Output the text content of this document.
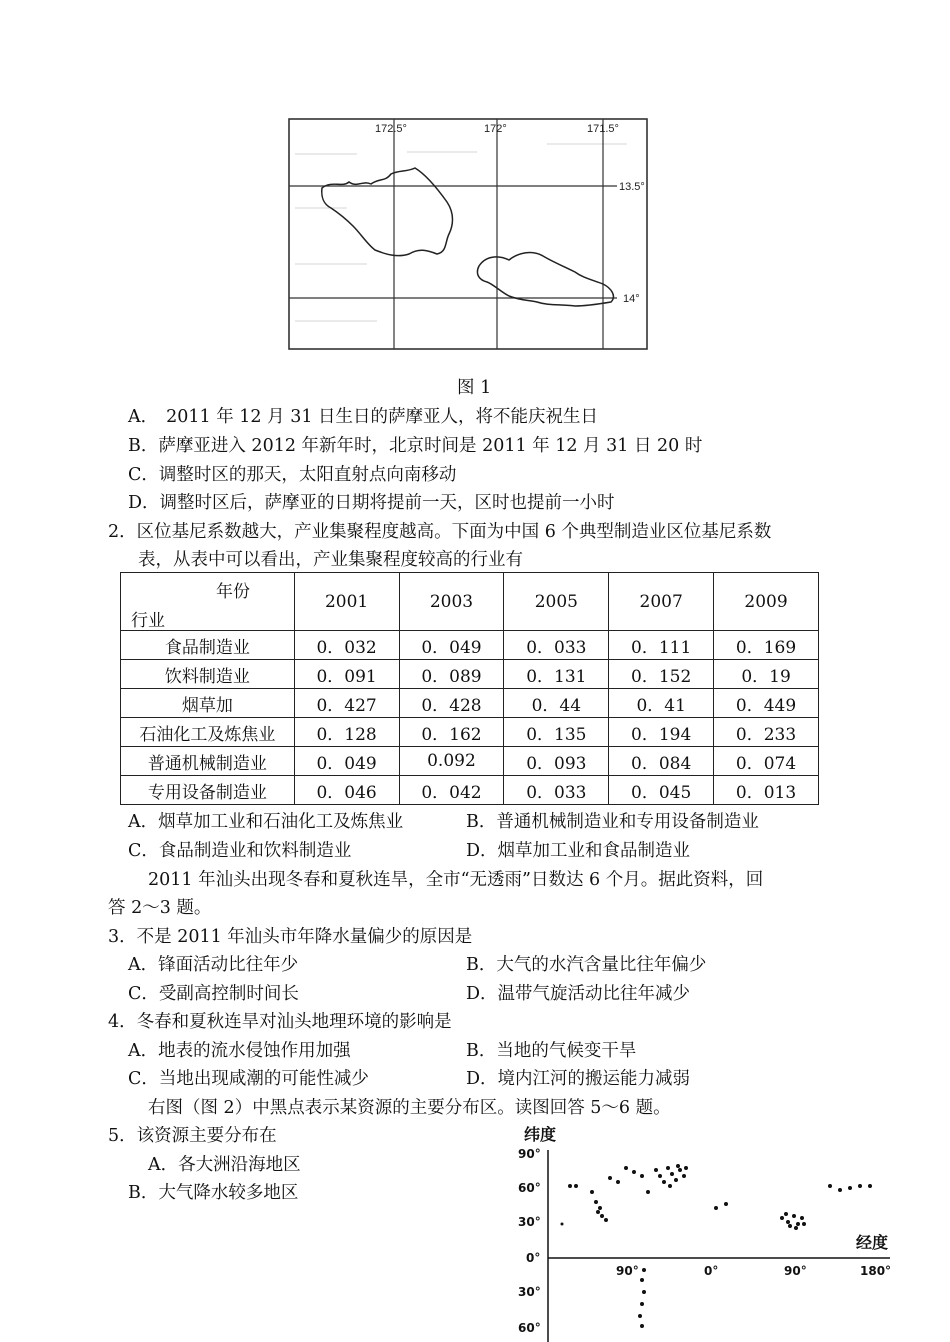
172.5°	172°	171.5°
13.5°
14°
图 1
A． 2011 年 12 月 31 日生日的萨摩亚人，将不能庆祝生日
B．萨摩亚进入 2012 年新年时，北京时间是 2011 年 12 月 31 日 20 时
C．调整时区的那天，太阳直射点向南移动
D．调整时区后，萨摩亚的日期将提前一天，区时也提前一小时
2．区位基尼系数越大，产业集聚程度越高。下面为中国 6 个典型制造业区位基尼系数
表，从表中可以看出，产业集聚程度较高的行业有
年份
行业	2001	2003	2005	2007	2009
食品制造业	0．032	0．049	0．033	0．111	0．169
饮料制造业	0．091	0．089	0．131	0．152	0．19
烟草加	0．427	0．428	0．44	0．41	0．449
石油化工及炼焦业	0．128	0．162	0．135	0．194	0．233
普通机械制造业	0．049	0.092	0．093	0．084	0．074
专用设备制造业	0．046	0．042	0．033	0．045	0．013
A．烟草加工业和石油化工及炼焦业	B．普通机械制造业和专用设备制造业
C．食品制造业和饮料制造业	D．烟草加工业和食品制造业
2011 年汕头出现冬春和夏秋连旱，全市“无透雨”日数达 6 个月。据此资料，回
答 2～3 题。
3．不是 2011 年汕头市年降水量偏少的原因是
A．锋面活动比往年少	B．大气的水汽含量比往年偏少
C．受副高控制时间长	D．温带气旋活动比往年减少
4．冬春和夏秋连旱对汕头地理环境的影响是
A．地表的流水侵蚀作用加强	B．当地的气候变干旱
C．当地出现咸潮的可能性减少	D．境内江河的搬运能力减弱
右图（图 2）中黑点表示某资源的主要分布区。读图回答 5～6 题。
5．该资源主要分布在
A．各大洲沿海地区
B．大气降水较多地区
纬度
经度
90°
60°
30°
0°
30°
60°
90°	0°	90°	180°
